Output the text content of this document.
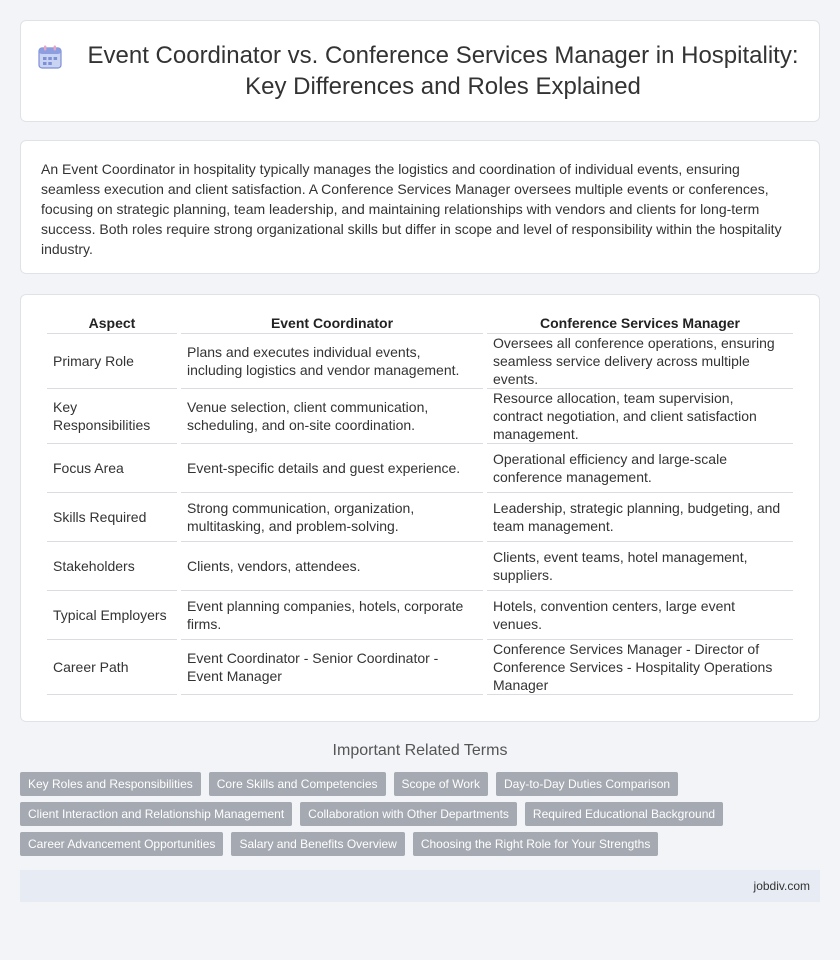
Event Coordinator vs. Conference Services Manager in Hospitality: Key Differences and Roles Explained

An Event Coordinator in hospitality typically manages the logistics and coordination of individual events, ensuring seamless execution and client satisfaction. A Conference Services Manager oversees multiple events or conferences, focusing on strategic planning, team leadership, and maintaining relationships with vendors and clients for long-term success. Both roles require strong organizational skills but differ in scope and level of responsibility within the hospitality industry.

Aspect	Event Coordinator	Conference Services Manager
Primary Role	Plans and executes individual events, including logistics and vendor management.	Oversees all conference operations, ensuring seamless service delivery across multiple events.
Key Responsibilities	Venue selection, client communication, scheduling, and on-site coordination.	Resource allocation, team supervision, contract negotiation, and client satisfaction management.
Focus Area	Event-specific details and guest experience.	Operational efficiency and large-scale conference management.
Skills Required	Strong communication, organization, multitasking, and problem-solving.	Leadership, strategic planning, budgeting, and team management.
Stakeholders	Clients, vendors, attendees.	Clients, event teams, hotel management, suppliers.
Typical Employers	Event planning companies, hotels, corporate firms.	Hotels, convention centers, large event venues.
Career Path	Event Coordinator - Senior Coordinator - Event Manager	Conference Services Manager - Director of Conference Services - Hospitality Operations Manager
Important Related Terms
Key Roles and Responsibilities	Core Skills and Competencies	Scope of Work	Day-to-Day Duties Comparison
Client Interaction and Relationship Management	Collaboration with Other Departments	Required Educational Background
Career Advancement Opportunities	Salary and Benefits Overview	Choosing the Right Role for Your Strengths
jobdiv.com
